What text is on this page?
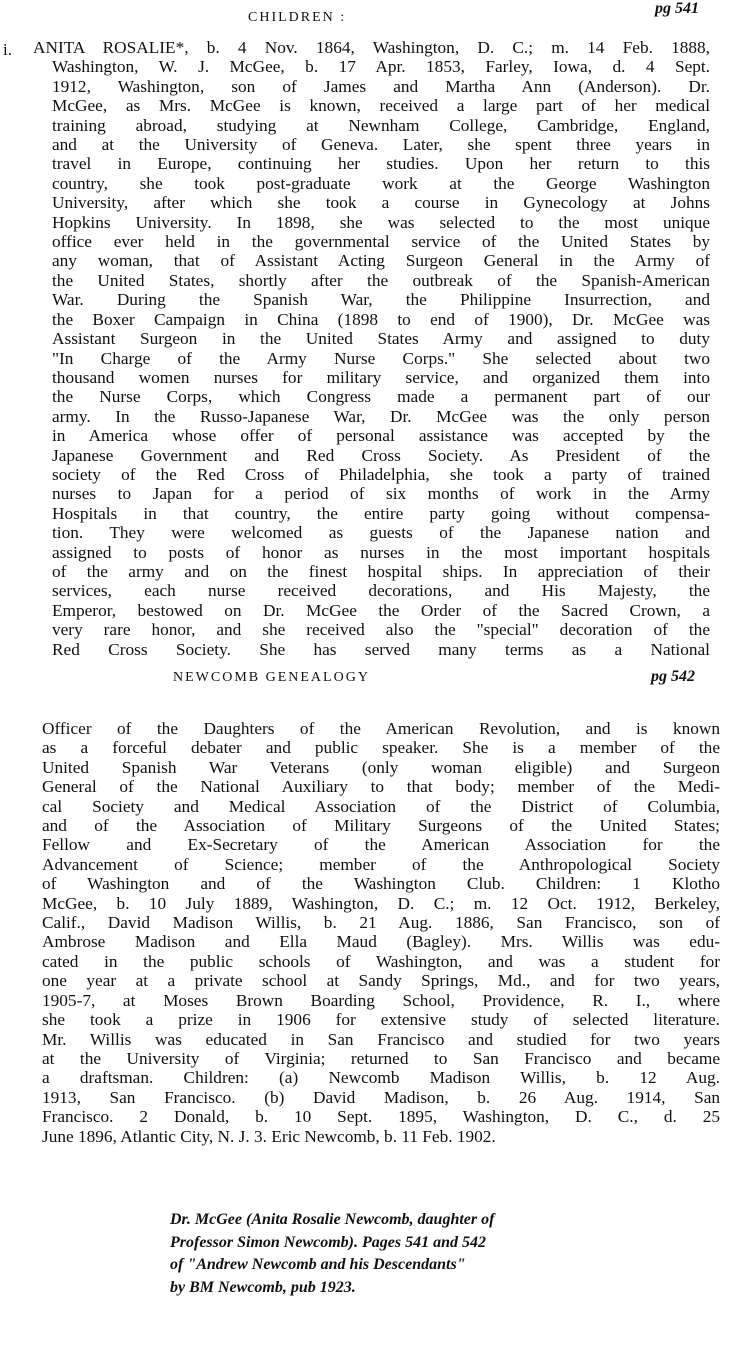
pg 541
CHILDREN :
i. ANITA ROSALIE*, b. 4 Nov. 1864, Washington, D. C.; m. 14 Feb. 1888,
Washington, W. J. McGee, b. 17 Apr. 1853, Farley, Iowa, d. 4 Sept.
1912, Washington, son of James and Martha Ann (Anderson). Dr.
McGee, as Mrs. McGee is known, received a large part of her medical
training abroad, studying at Newnham College, Cambridge, England,
and at the University of Geneva. Later, she spent three years in
travel in Europe, continuing her studies. Upon her return to this
country, she took post-graduate work at the George Washington
University, after which she took a course in Gynecology at Johns
Hopkins University. In 1898, she was selected to the most unique
office ever held in the governmental service of the United States by
any woman, that of Assistant Acting Surgeon General in the Army of
the United States, shortly after the outbreak of the Spanish-American
War. During the Spanish War, the Philippine Insurrection, and
the Boxer Campaign in China (1898 to end of 1900), Dr. McGee was
Assistant Surgeon in the United States Army and assigned to duty
"In Charge of the Army Nurse Corps." She selected about two
thousand women nurses for military service, and organized them into
the Nurse Corps, which Congress made a permanent part of our
army. In the Russo-Japanese War, Dr. McGee was the only person
in America whose offer of personal assistance was accepted by the
Japanese Government and Red Cross Society. As President of the
society of the Red Cross of Philadelphia, she took a party of trained
nurses to Japan for a period of six months of work in the Army
Hospitals in that country, the entire party going without compensa-
tion. They were welcomed as guests of the Japanese nation and
assigned to posts of honor as nurses in the most important hospitals
of the army and on the finest hospital ships. In appreciation of their
services, each nurse received decorations, and His Majesty, the
Emperor, bestowed on Dr. McGee the Order of the Sacred Crown, a
very rare honor, and she received also the "special" decoration of the
Red Cross Society. She has served many terms as a National
NEWCOMB GENEALOGY	pg 542
Officer of the Daughters of the American Revolution, and is known
as a forceful debater and public speaker. She is a member of the
United Spanish War Veterans (only woman eligible) and Surgeon
General of the National Auxiliary to that body; member of the Medi-
cal Society and Medical Association of the District of Columbia,
and of the Association of Military Surgeons of the United States;
Fellow and Ex-Secretary of the American Association for the
Advancement of Science; member of the Anthropological Society
of Washington and of the Washington Club. Children: 1 Klotho
McGee, b. 10 July 1889, Washington, D. C.; m. 12 Oct. 1912, Berkeley,
Calif., David Madison Willis, b. 21 Aug. 1886, San Francisco, son of
Ambrose Madison and Ella Maud (Bagley). Mrs. Willis was edu-
cated in the public schools of Washington, and was a student for
one year at a private school at Sandy Springs, Md., and for two years,
1905-7, at Moses Brown Boarding School, Providence, R. I., where
she took a prize in 1906 for extensive study of selected literature.
Mr. Willis was educated in San Francisco and studied for two years
at the University of Virginia; returned to San Francisco and became
a draftsman. Children: (a) Newcomb Madison Willis, b. 12 Aug.
1913, San Francisco. (b) David Madison, b. 26 Aug. 1914, San
Francisco. 2 Donald, b. 10 Sept. 1895, Washington, D. C., d. 25
June 1896, Atlantic City, N. J. 3. Eric Newcomb, b. 11 Feb. 1902.
Dr. McGee (Anita Rosalie Newcomb, daughter of
Professor Simon Newcomb). Pages 541 and 542
of "Andrew Newcomb and his Descendants"
by BM Newcomb, pub 1923.
